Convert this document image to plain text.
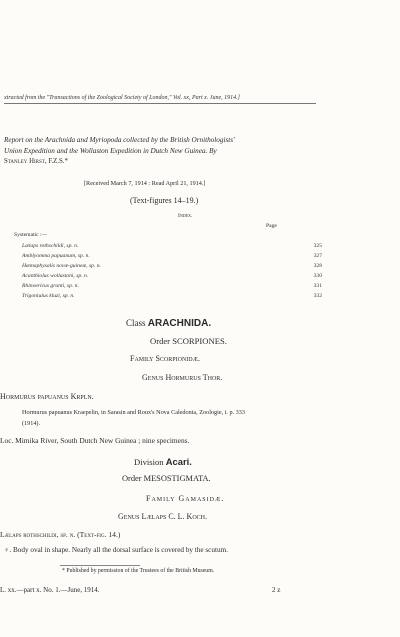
xtracted from the "Transactions of the Zoological Society of London," Vol. xx, Part x. June, 1914.]
Report on the Arachnida and Myriopoda collected by the British Ornithologists'
Union Expedition and the Wollaston Expedition in Dutch New Guinea. By
Stanley Hirst, F.Z.S.*
[Received March 7, 1914 : Read April 21, 1914.]
(Text-figures 14–19.)
Index.
Page
Systematic :—
Lælaps rothschildi, sp. n.	325
Amblyomma papuanum, sp. n.	327
Hæmaphysalis novæ-guineæ, sp. n.	328
Acanthiolus wollastoni, sp. n.	330
Rhinoericus granti, sp. n.	331
Trigoniulus kluzi, sp. n.	332
Class ARACHNIDA.
Order SCORPIONES.
Family Scorpionidæ.
Genus Hormurus Thor.
Hormurus papuanus Krpln.
Hormurus papuanus Kraepelin, in Sarasin and Roux's Nova Caledonia, Zoologie, i. p. 333
(1914).
Loc. Mimika River, South Dutch New Guinea ; nine specimens.
Division Acari.
Order MESOSTIGMATA.
Family Gamasidæ.
Genus Lælaps C. L. Koch.
Lælaps rothschildi, sp. n. (Text-fig. 14.)
♀. Body oval in shape. Nearly all the dorsal surface is covered by the scutum.
* Published by permission of the Trustees of the British Museum.
L. xx.—part x. No. 1.—June, 1914.	2 z
